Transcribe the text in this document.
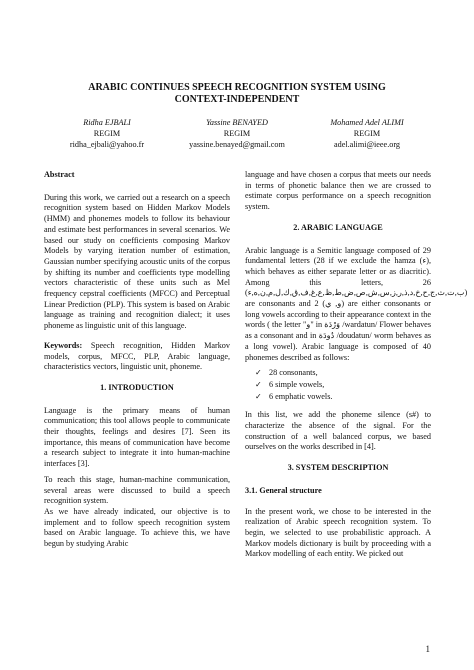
ARABIC CONTINUES SPEECH RECOGNITION SYSTEM USING
CONTEXT-INDEPENDENT
Ridha EJBALI
REGIM
ridha_ejbali@yahoo.fr
Yassine BENAYED
REGIM
yassine.benayed@gmail.com
Mohamed Adel ALIMI
REGIM
adel.alimi@ieee.org
Abstract

During this work, we carried out a research on a speech recognition system based on Hidden Markov Models (HMM) and phonemes models to follow its behaviour and estimate best performances in several scenarios. We based our study on coefficients composing Markov Models by varying iteration number of estimation, Gaussian number specifying acoustic units of the corpus by shifting its number and coefficients type modelling vectors characteristic of these units such as Mel frequency cepstral coefficients (MFCC) and Perceptual Linear Prediction (PLP). This system is based on Arabic language as training and recognition dialect; it uses phoneme as linguistic unit of this language.

Keywords: Speech recognition, Hidden Markov models, corpus, MFCC, PLP, Arabic language, characteristics vectors, linguistic unit, phoneme.

1. INTRODUCTION

Language is the primary means of human communication; this tool allows people to communicate their thoughts, feelings and desires [7]. Seen its importance, this means of communication have become a research subject to integrate it into human-machine interfaces [3].

To reach this stage, human-machine communication, several areas were discussed to build a speech recognition system.

As we have already indicated, our objective is to implement and to follow speech recognition system based on Arabic language. To achieve this, we have begun by studying Arabic

language and have chosen a corpus that meets our needs in terms of phonetic balance then we are crossed to estimate corpus performance on a speech recognition system.

2. ARABIC LANGUAGE

Arabic language is a Semitic language composed of 29 fundamental letters (28 if we exclude the hamza (ء), which behaves as either separate letter or as diacritic). Among this letters, 26 (ب,ت,ث,ج,ح,خ,د,ذ,ر,ز,س,ش,ص,ض,ط,ظ,ع,غ,ف,ق,ك,ل,م,ن,ه,ء) are consonants and 2 (و, ي) are either consonants or long vowels according to their appearance context in the words ( the letter "و" in وَرْدَة /wardatun/ Flower behaves as a consonant and in دُودَة /doudatun/ worm behaves as a long vowel). Arabic language is composed of 40 phonemes described as follows:

✓ 28 consonants,
✓ 6 simple vowels,
✓ 6 emphatic vowels.

In this list, we add the phoneme silence (s#) to characterize the absence of the signal. For the construction of a well balanced corpus, we based ourselves on the works described in [4].

3. SYSTEM DESCRIPTION
3.1. General structure

In the present work, we chose to be interested in the realization of Arabic speech recognition system. To begin, we selected to use probabilistic approach. A Markov models dictionary is built by proceeding with a Markov modelling of each entity. We picked out

1
